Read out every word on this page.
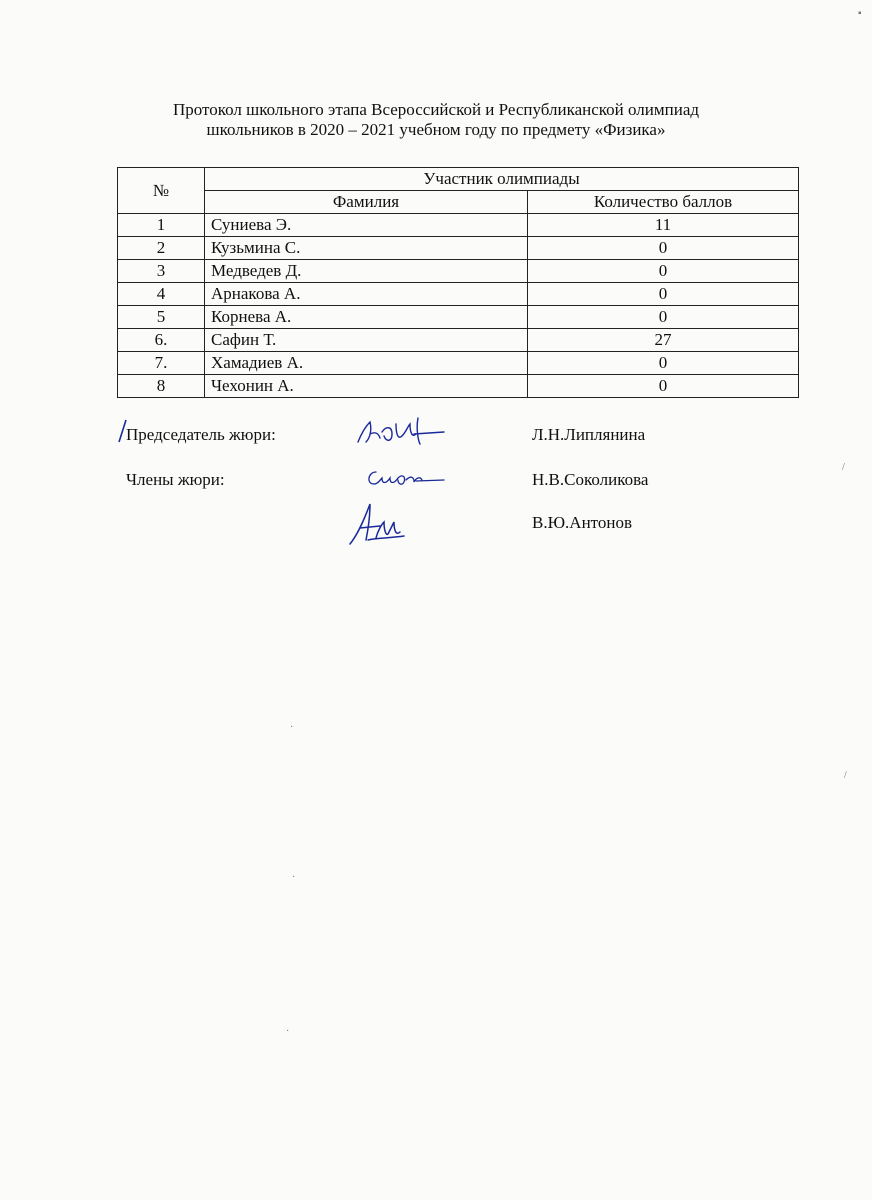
Протокол школьного этапа Всероссийской и Республиканской олимпиад
школьников в 2020 – 2021 учебном году по предмету «Физика»
№	Участник олимпиады	
	Фамилия	Количество баллов
1	Суниева Э.	11
2	Кузьмина С.	0
3	Медведев Д.	0
4	Арнакова А.	0
5	Корнева А.	0
6.	Сафин Т.	27
7.	Хамадиев А.	0
8	Чехонин А.	0
Председатель жюри:	Л.Н.Липлянина
Члены жюри:	Н.В.Соколикова
В.Ю.Антонов
▪
·
·
·
/
/
